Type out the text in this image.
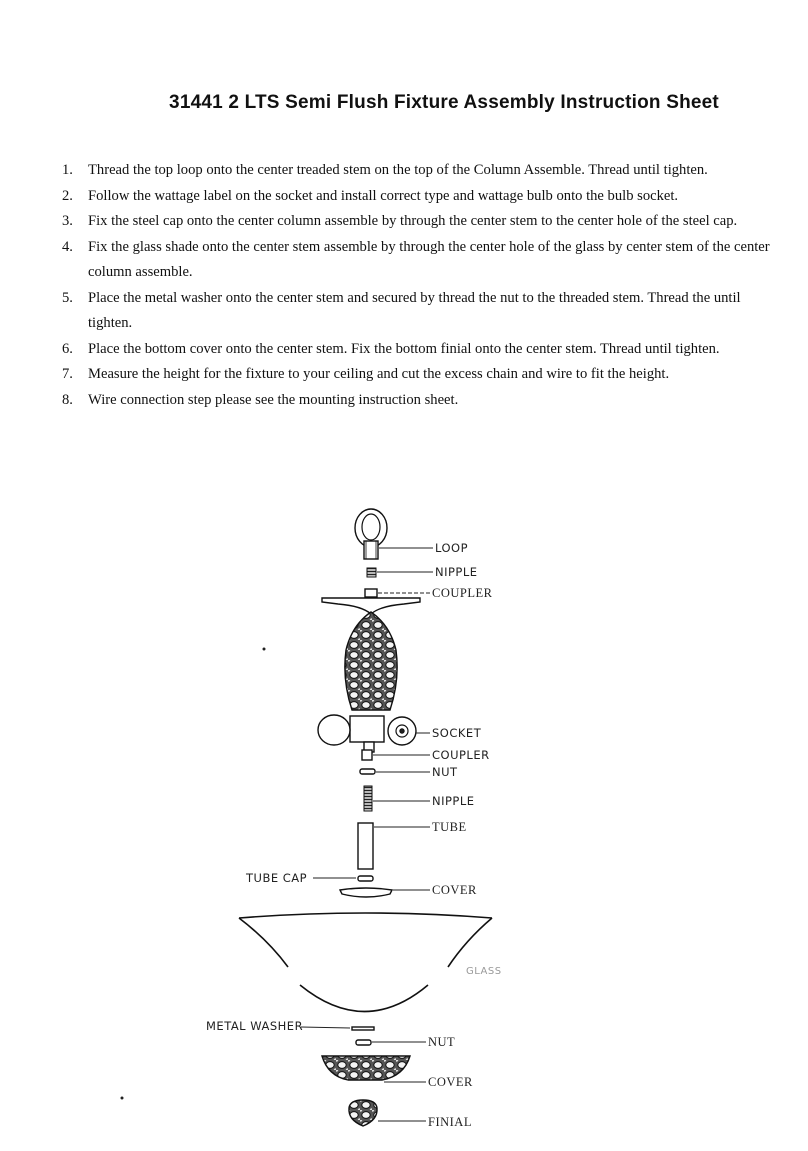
31441 2 LTS Semi Flush Fixture Assembly Instruction Sheet
1. Thread the top loop onto the center treaded stem on the top of the Column Assemble. Thread until tighten.
2. Follow the wattage label on the socket and install correct type and wattage bulb onto the bulb socket.
3. Fix the steel cap onto the center column assemble by through the center stem to the center hole of the steel cap.
4. Fix the glass shade onto the center stem assemble by through the center hole of the glass by center stem of the center column assemble.
5. Place the metal washer onto the center stem and secured by thread the nut to the threaded stem. Thread the until tighten.
6. Place the bottom cover onto the center stem. Fix the bottom finial onto the center stem. Thread until tighten.
7. Measure the height for the fixture to your ceiling and cut the excess chain and wire to fit the height.
8. Wire connection step please see the mounting instruction sheet.
LOOP
NIPPLE
COUPLER
SOCKET
COUPLER
NUT
NIPPLE
TUBE
TUBE CAP
COVER
GLASS
METAL WASHER
NUT
COVER
FINIAL
